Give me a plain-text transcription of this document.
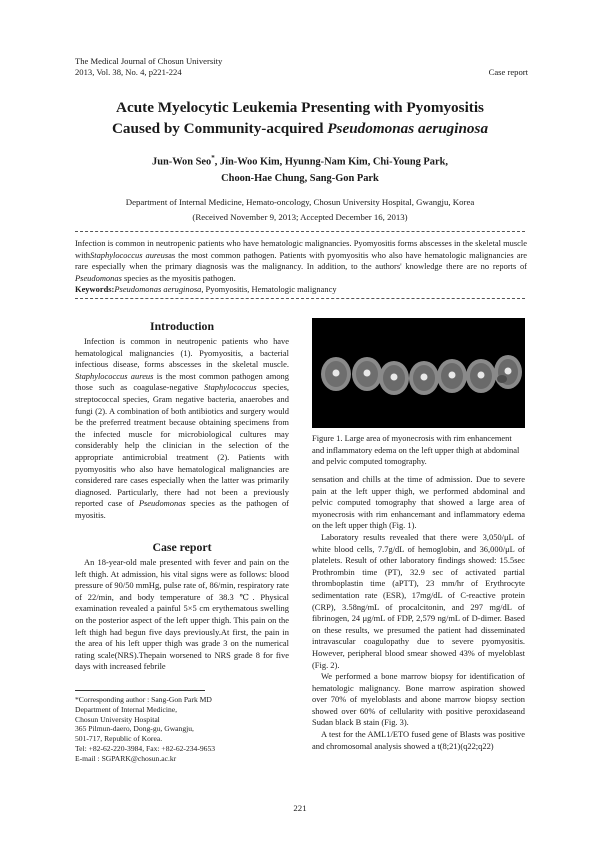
The Medical Journal of Chosun University
2013, Vol. 38, No. 4, p221-224	Case report
Acute Myelocytic Leukemia Presenting with Pyomyositis
Caused by Community-acquired Pseudomonas aeruginosa
Jun-Won Seo*, Jin-Woo Kim, Hyunng-Nam Kim, Chi-Young Park,
Choon-Hae Chung, Sang-Gon Park
Department of Internal Medicine, Hemato-oncology, Chosun University Hospital, Gwangju, Korea
(Received November 9, 2013; Accepted December 16, 2013)

Infection is common in neutropenic patients who have hematologic malignancies. Pyomyositis forms abscesses in the skeletal muscle withStaphylococcus aureusas the most common pathogen. Patients with pyomyositis who also have hematologic malignancies are rare especially when the primary diagnosis was the malignancy. In addition, to the authors' knowledge there are no reports of Pseudomonas species as the myositis pathogen.

Keywords:Pseudomonas aeruginosa, Pyomyositis, Hematologic malignancy

Introduction

Infection is common in neutropenic patients who have hematological malignancies (1). Pyomyositis, a bacterial infectious disease, forms abscesses in the skeletal muscle. Staphylococcus aureus is the most common pathogen among those such as coagulase-negative Staphylococcus species, streptococcal species, Gram negative bacteria, anaerobes and fungi (2). A combination of both antibiotics and surgery would be the preferred treatment because obtaining specimens from the infected muscle for microbiological cultures may considerably help the clinician in the selection of the appropriate antimicrobial treatment (2). Patients with pyomyositis who also have hematological malignancies are considered rare cases especially when the latter was primarily diagnosed. Particularly, there had not been a previously reported case of Pseudomonas species as the pathogen of myositis.

Case report

An 18-year-old male presented with fever and pain on the left thigh. At admission, his vital signs were as follows: blood pressure of 90/50 mmHg, pulse rate of, 86/min, respiratory rate of 22/min, and body temperature of 38.3 ℃. Physical examination revealed a painful 5×5 cm erythematous swelling on the posterior aspect of the left upper thigh. This pain on the left thigh had begun five days previously.At first, the pain in the area of his left upper thigh was grade 3 on the numerical rating scale(NRS).Thepain worsened to NRS grade 8 for five days with increased febrile

Figure 1. Large area of myonecrosis with rim enhancement and inflammatory edema on the left upper thigh at abdominal and pelvic computed tomography.

sensation and chills at the time of admission. Due to severe pain at the left upper thigh, we performed abdominal and pelvic computed tomography that showed a large area of myonecrosis with rim enhancemant and inflammatory edema on the left upper thigh (Fig. 1).

Laboratory results revealed that there were 3,050/μL of white blood cells, 7.7g/dL of hemoglobin, and 36,000/μL of platelets. Result of other laboratory findings showed: 15.5sec Prothrombin time (PT), 32.9 sec of activated partial thromboplastin time (aPTT), 23 mm/hr of Erythrocyte sedimentation rate (ESR), 17mg/dL of C-reactive protein (CRP), 3.58ng/mL of procalcitonin, and 297 mg/dL of fibrinogen, 24 μg/mL of FDP, 2,579 ng/mL of D-dimer. Based on these results, we presumed the patient had disseminated intravascular coagulopathy due to severe pyomyositis. However, peripheral blood smear showed 43% of myeloblast (Fig. 2).

We performed a bone marrow biopsy for identification of hematologic malignancy. Bone marrow aspiration showed over 70% of myeloblasts and abone marrow biopsy section showed over 60% of cellularity with positive peroxidaseand Sudan black B stain (Fig. 3).

A test for the AML1/ETO fused gene of Blasts was positive and chromosomal analysis showed a t(8;21)(q22;q22)

*Corresponding author : Sang-Gon Park MD
Department of Internal Medicine,
Chosun University Hospital
365 Pilmun-daero, Dong-gu, Gwangju,
501-717, Republic of Korea.
Tel: +82-62-220-3984, Fax: +82-62-234-9653
E-mail : SGPARK@chosun.ac.kr
221
